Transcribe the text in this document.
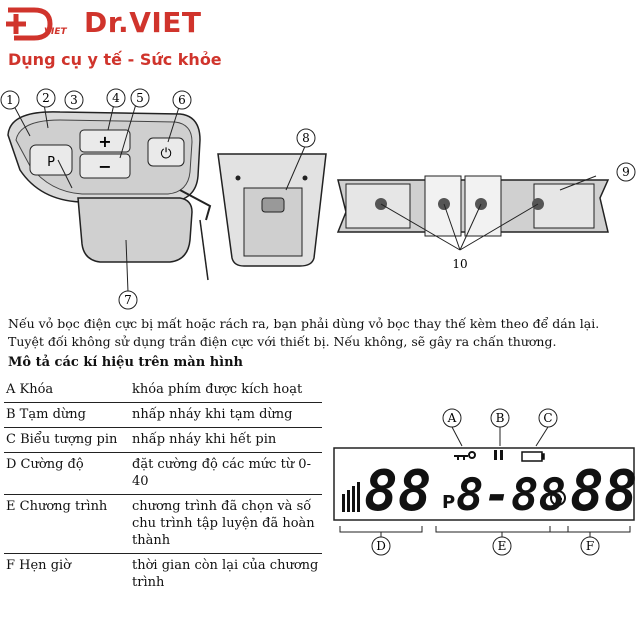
VIET Dr.VIET
Dụng cụ y tế - Sức khỏe
P
+
−
⏻
1 2 3	4 5	6
7
8
9
10
Nếu vỏ bọc điện cực bị mất hoặc rách ra, bạn phải dùng vỏ bọc thay thế kèm theo để dán lại. Tuyệt đối không sử dụng trần điện cực với thiết bị. Nếu không, sẽ gây ra chấn thương.
Mô tả các kí hiệu trên màn hình
A Khóa	khóa phím được kích hoạt
B Tạm dừng	nhấp nháy khi tạm dừng
C Biểu tượng pin	nhấp nháy khi hết pin
D Cường độ	đặt cường độ các mức từ 0-40
E Chương trình	chương trình đã chọn và số chu trình tập luyện đã hoàn thành
F Hẹn giờ	thời gian còn lại của chương trình
A	B	C
88 P 8-88 88
D	E	F
